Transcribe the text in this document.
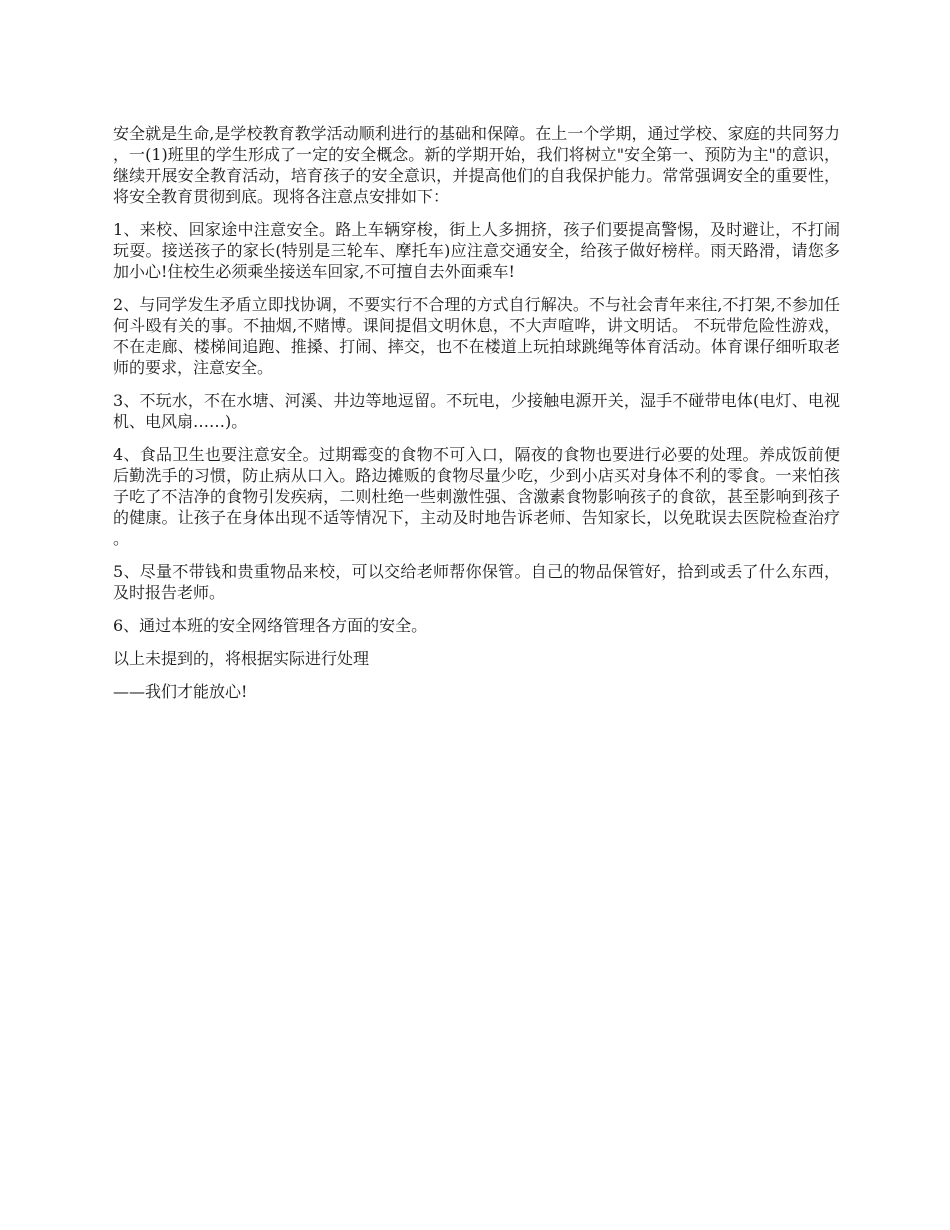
安全就是生命,是学校教育教学活动顺利进行的基础和保障。在上一个学期，通过学校、家庭的共同努力，一(1)班里的学生形成了一定的安全概念。新的学期开始，我们将树立"安全第一、预防为主"的意识，继续开展安全教育活动，培育孩子的安全意识，并提高他们的自我保护能力。常常强调安全的重要性，将安全教育贯彻到底。现将各注意点安排如下：

1、来校、回家途中注意安全。路上车辆穿梭，街上人多拥挤，孩子们要提高警惕，及时避让，不打闹玩耍。接送孩子的家长(特别是三轮车、摩托车)应注意交通安全，给孩子做好榜样。雨天路滑，请您多加小心!住校生必须乘坐接送车回家,不可擅自去外面乘车!

2、与同学发生矛盾立即找协调，不要实行不合理的方式自行解决。不与社会青年来往,不打架,不参加任何斗殴有关的事。不抽烟,不赌博。课间提倡文明休息，不大声喧哗，讲文明话。 不玩带危险性游戏，不在走廊、楼梯间追跑、推搡、打闹、摔交，也不在楼道上玩拍球跳绳等体育活动。体育课仔细听取老师的要求，注意安全。

3、不玩水，不在水塘、河溪、井边等地逗留。不玩电，少接触电源开关，湿手不碰带电体(电灯、电视机、电风扇……)。

4、食品卫生也要注意安全。过期霉变的食物不可入口，隔夜的食物也要进行必要的处理。养成饭前便后勤洗手的习惯，防止病从口入。路边摊贩的食物尽量少吃，少到小店买对身体不利的零食。一来怕孩子吃了不洁净的食物引发疾病，二则杜绝一些刺激性强、含激素食物影响孩子的食欲，甚至影响到孩子的健康。让孩子在身体出现不适等情况下，主动及时地告诉老师、告知家长，以免耽误去医院检查治疗。

5、尽量不带钱和贵重物品来校，可以交给老师帮你保管。自己的物品保管好，拾到或丢了什么东西，及时报告老师。

6、通过本班的安全网络管理各方面的安全。

以上未提到的，将根据实际进行处理

——我们才能放心!
